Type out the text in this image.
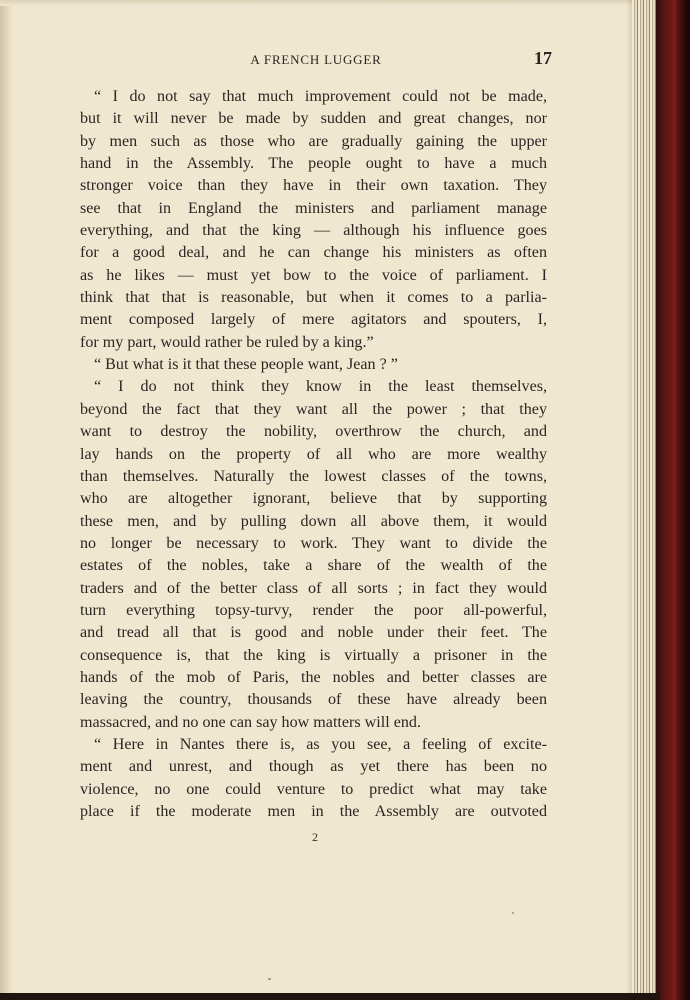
A FRENCH LUGGER	17

“ I do not say that much improvement could not be made,

but it will never be made by sudden and great changes, nor

by men such as those who are gradually gaining the upper

hand in the Assembly. The people ought to have a much

stronger voice than they have in their own taxation. They

see that in England the ministers and parliament manage

everything, and that the king — although his influence goes

for a good deal, and he can change his ministers as often

as he likes — must yet bow to the voice of parliament. I

think that that is reasonable, but when it comes to a parlia-

ment composed largely of mere agitators and spouters, I,

for my part, would rather be ruled by a king.”

“ But what is it that these people want, Jean ? ”

“ I do not think they know in the least themselves,

beyond the fact that they want all the power ; that they

want to destroy the nobility, overthrow the church, and

lay hands on the property of all who are more wealthy

than themselves. Naturally the lowest classes of the towns,

who are altogether ignorant, believe that by supporting

these men, and by pulling down all above them, it would

no longer be necessary to work. They want to divide the

estates of the nobles, take a share of the wealth of the

traders and of the better class of all sorts ; in fact they would

turn everything topsy-turvy, render the poor all-powerful,

and tread all that is good and noble under their feet. The

consequence is, that the king is virtually a prisoner in the

hands of the mob of Paris, the nobles and better classes are

leaving the country, thousands of these have already been

massacred, and no one can say how matters will end.

“ Here in Nantes there is, as you see, a feeling of excite-

ment and unrest, and though as yet there has been no

violence, no one could venture to predict what may take

place if the moderate men in the Assembly are outvoted

2
